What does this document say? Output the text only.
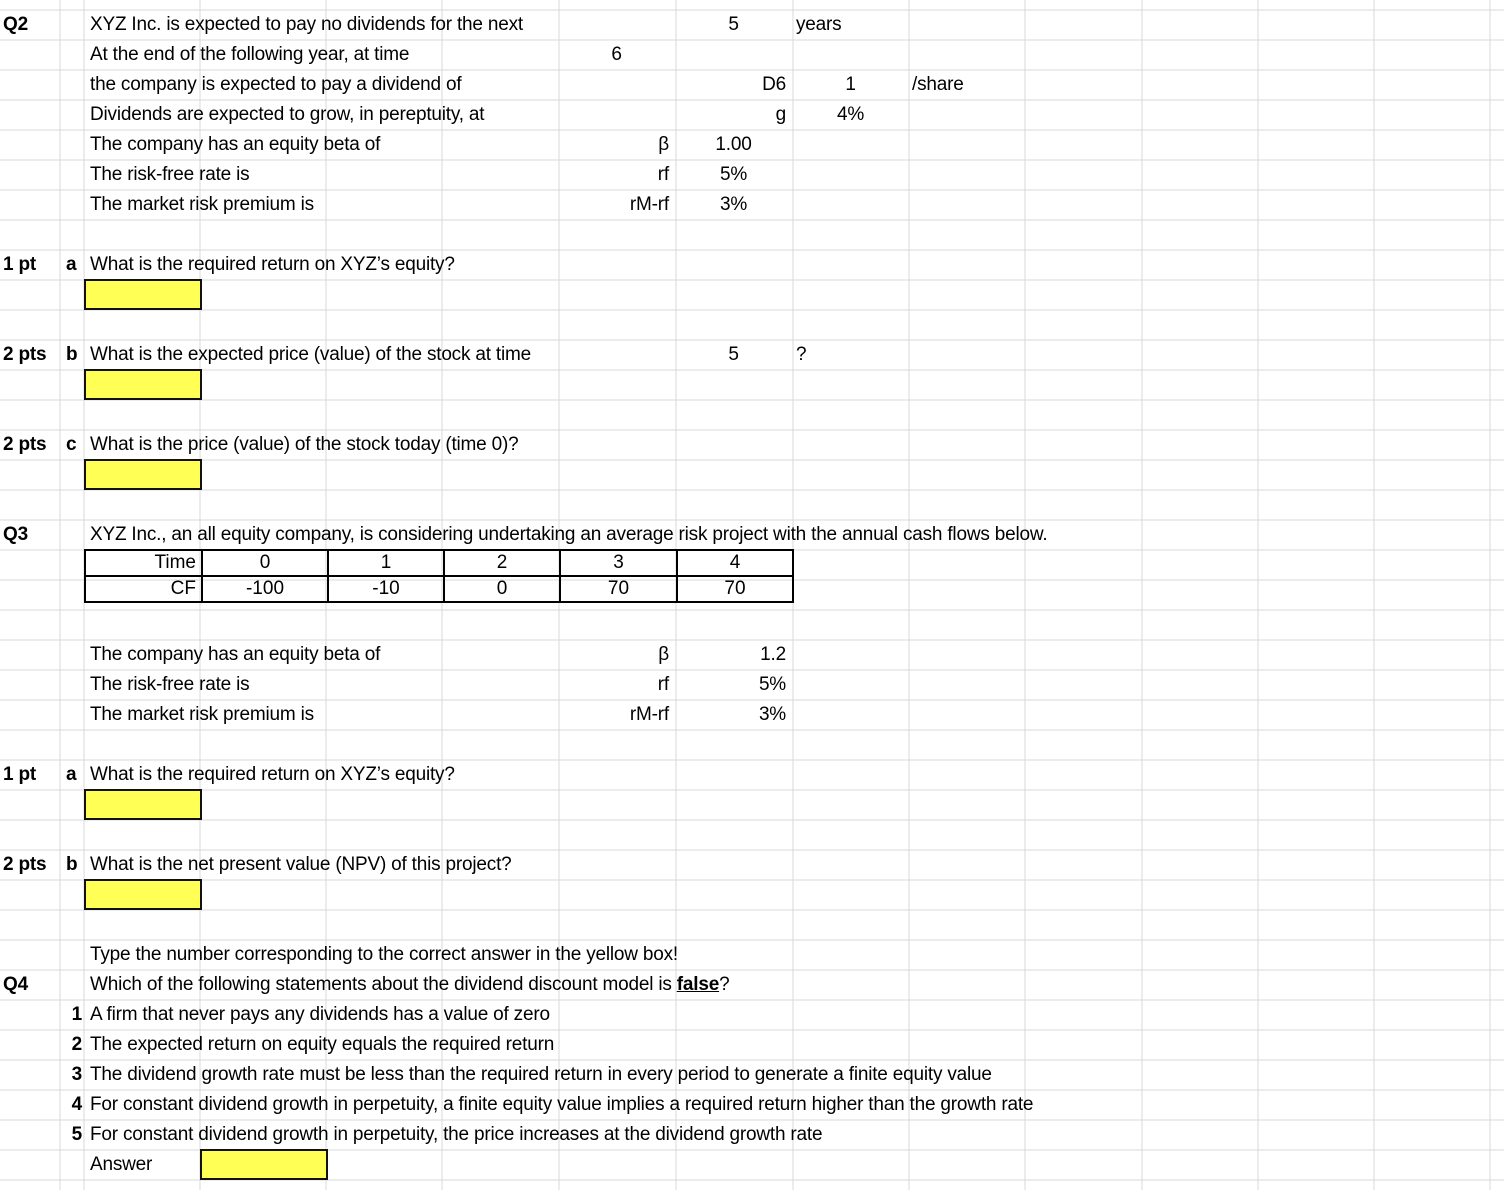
Q2	XYZ Inc. is expected to pay no dividends for the next	5	years
At the end of the following year, at time	6
the company is expected to pay a dividend of	D6	1	/share
Dividends are expected to grow, in pereptuity, at	g	4%
The company has an equity beta of	β	1.00
The risk-free rate is	rf	5%
The market risk premium is	rM-rf	3%
1 pt a What is the required return on XYZ’s equity?
2 pts b What is the expected price (value) of the stock at time	5	?
2 pts c What is the price (value) of the stock today (time 0)?
Q3	XYZ Inc., an all equity company, is considering undertaking an average risk project with the annual cash flows below.
Time	0	1	2	3	4
CF	-100	-10	0	70	70
The company has an equity beta of	β	1.2
The risk-free rate is	rf	5%
The market risk premium is	rM-rf	3%
1 pt a What is the required return on XYZ’s equity?
2 pts b What is the net present value (NPV) of this project?
Type the number corresponding to the correct answer in the yellow box!
Q4	Which of the following statements about the dividend discount model is false?
1 A firm that never pays any dividends has a value of zero
2 The expected return on equity equals the required return
3 The dividend growth rate must be less than the required return in every period to generate a finite equity value
4 For constant dividend growth in perpetuity, a finite equity value implies a required return higher than the growth rate
5 For constant dividend growth in perpetuity, the price increases at the dividend growth rate
Answer
